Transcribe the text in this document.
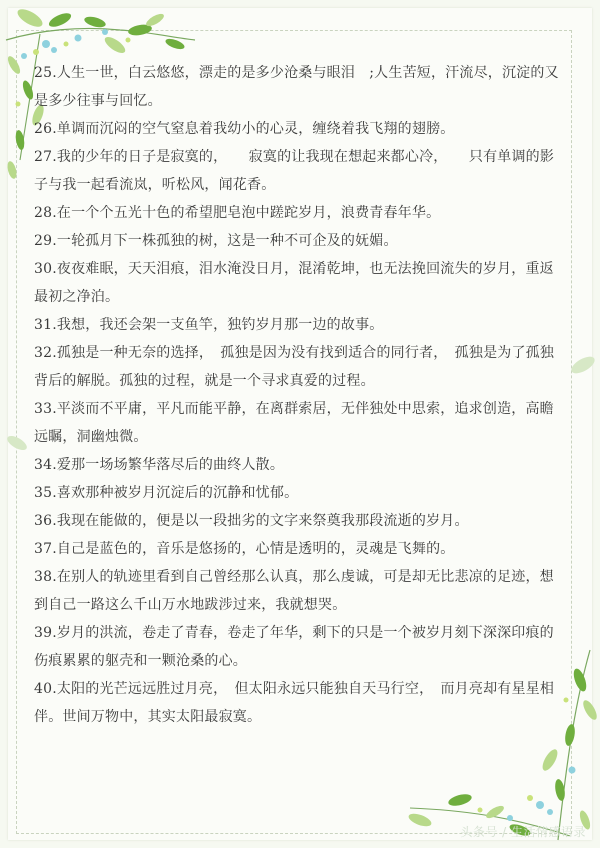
25.人生一世，白云悠悠，漂走的是多少沧桑与眼泪　;人生苦短，汗流尽，沉淀的又是多少往事与回忆。

26.单调而沉闷的空气窒息着我幼小的心灵，缠绕着我飞翔的翅膀。

27.我的少年的日子是寂寞的，　　寂寞的让我现在想起来都心冷，　　只有单调的影子与我一起看流岚，听松风，闻花香。

28.在一个个五光十色的希望肥皂泡中蹉跎岁月，浪费青春年华。

29.一轮孤月下一株孤独的树，这是一种不可企及的妩媚。

30.夜夜难眠，天天泪痕，泪水淹没日月，混淆乾坤，也无法挽回流失的岁月，重返最初之净泊。

31.我想，我还会架一支鱼竿，独钓岁月那一边的故事。

32.孤独是一种无奈的选择，　孤独是因为没有找到适合的同行者，　孤独是为了孤独背后的解脱。孤独的过程，就是一个寻求真爱的过程。

33.平淡而不平庸，平凡而能平静，在离群索居，无伴独处中思索，追求创造，高瞻远瞩，洞幽烛微。

34.爱那一场场繁华落尽后的曲终人散。

35.喜欢那种被岁月沉淀后的沉静和忧郁。

36.我现在能做的，便是以一段拙劣的文字来祭奠我那段流逝的岁月。

37.自己是蓝色的，音乐是悠扬的，心情是透明的，灵魂是飞舞的。

38.在别人的轨迹里看到自己曾经那么认真，那么虔诚，可是却无比悲凉的足迹，想到自己一路这么千山万水地跋涉过来，我就想哭。

39.岁月的洪流，卷走了青春，卷走了年华，剩下的只是一个被岁月刻下深深印痕的伤痕累累的躯壳和一颗沧桑的心。

40.太阳的光芒远远胜过月亮，　但太阳永远只能独自天马行空，　而月亮却有星星相伴。世间万物中，其实太阳最寂寞。

头条号 / 生活情感语录
